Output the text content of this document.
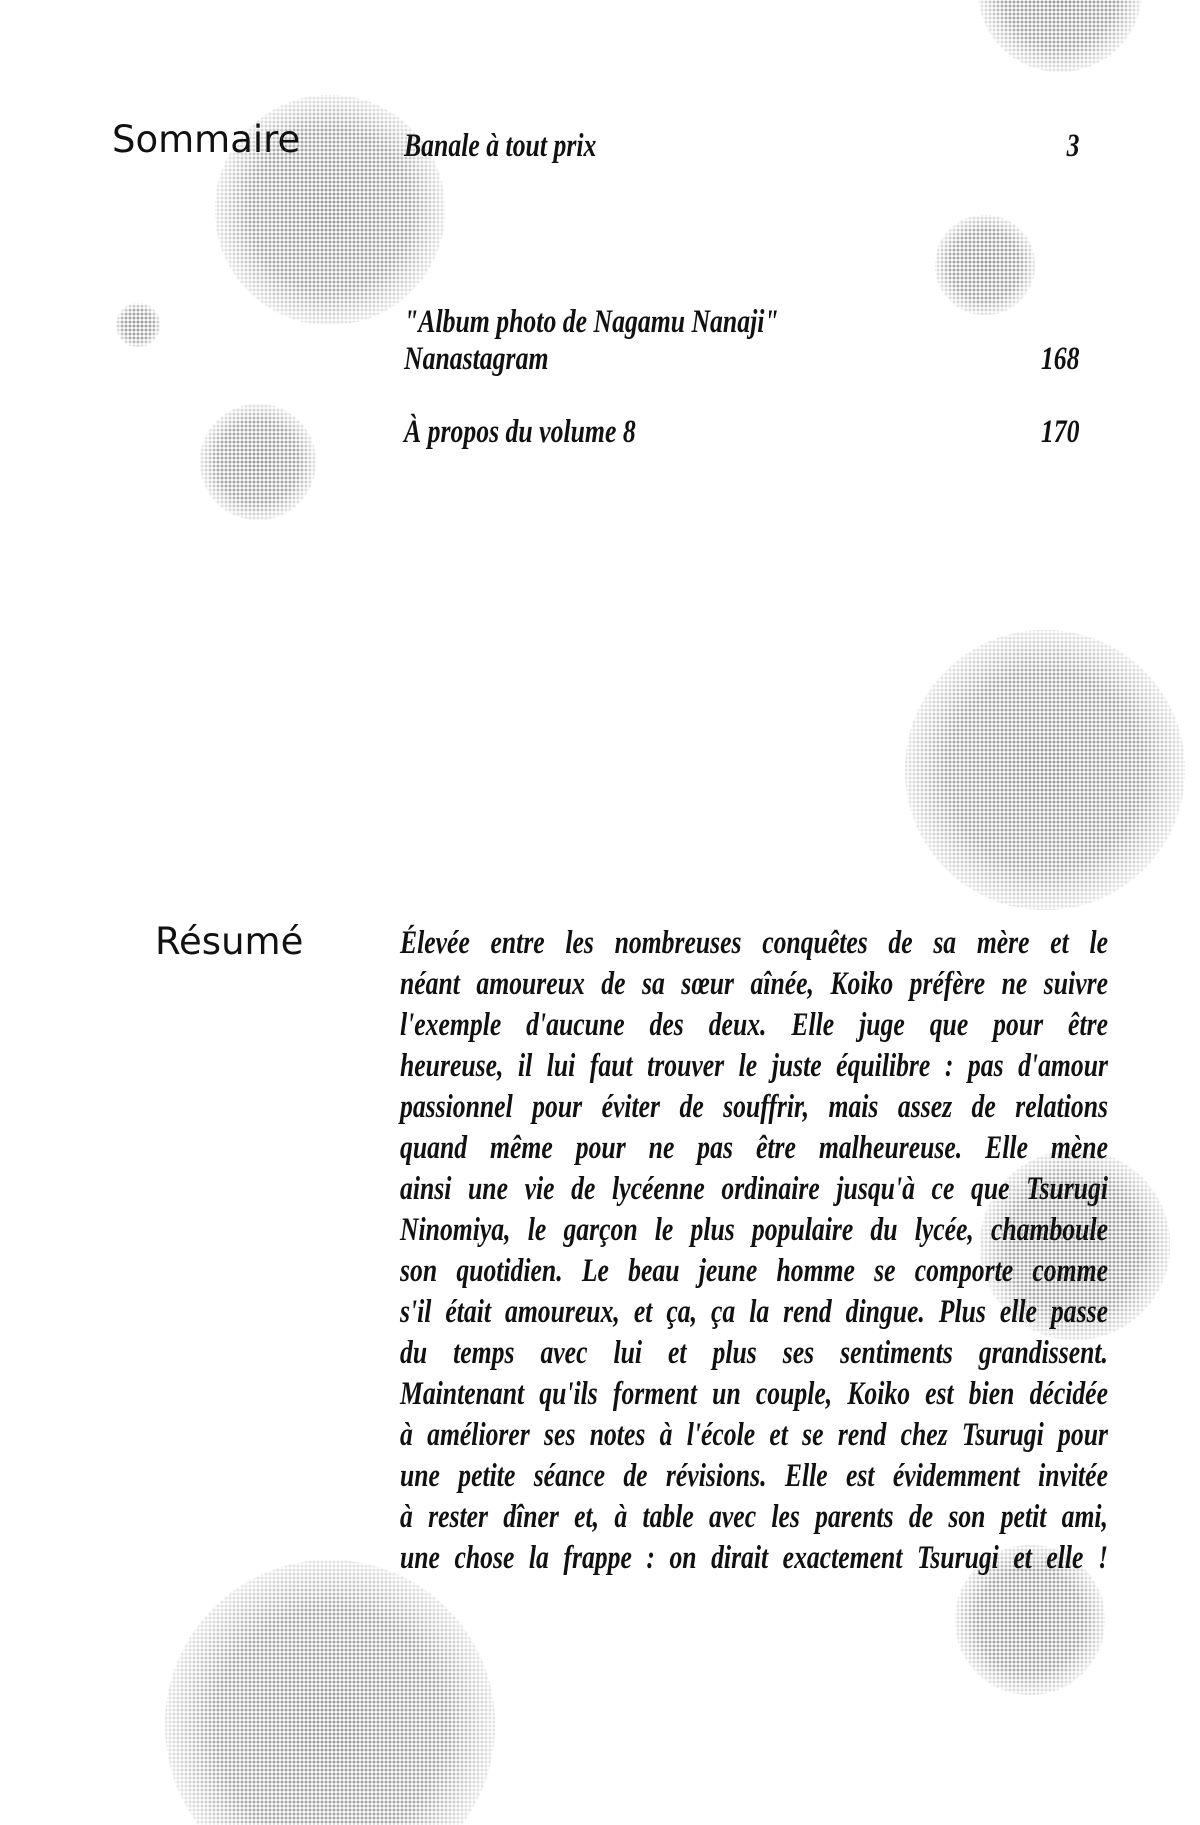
Sommaire	Banale à tout prix	3
"Album photo de Nagamu Nanaji"
Nanastagram	168
À propos du volume 8	170
Résumé	Élevée entre les nombreuses conquêtes de sa mère et le
néant amoureux de sa sœur aînée, Koiko préfère ne suivre
l'exemple d'aucune des deux. Elle juge que pour être
heureuse, il lui faut trouver le juste équilibre : pas d'amour
passionnel pour éviter de souffrir, mais assez de relations
quand même pour ne pas être malheureuse. Elle mène
ainsi une vie de lycéenne ordinaire jusqu'à ce que Tsurugi
Ninomiya, le garçon le plus populaire du lycée, chamboule
son quotidien. Le beau jeune homme se comporte comme
s'il était amoureux, et ça, ça la rend dingue. Plus elle passe
du temps avec lui et plus ses sentiments grandissent.
Maintenant qu'ils forment un couple, Koiko est bien décidée
à améliorer ses notes à l'école et se rend chez Tsurugi pour
une petite séance de révisions. Elle est évidemment invitée
à rester dîner et, à table avec les parents de son petit ami,
une chose la frappe : on dirait exactement Tsurugi et elle !
